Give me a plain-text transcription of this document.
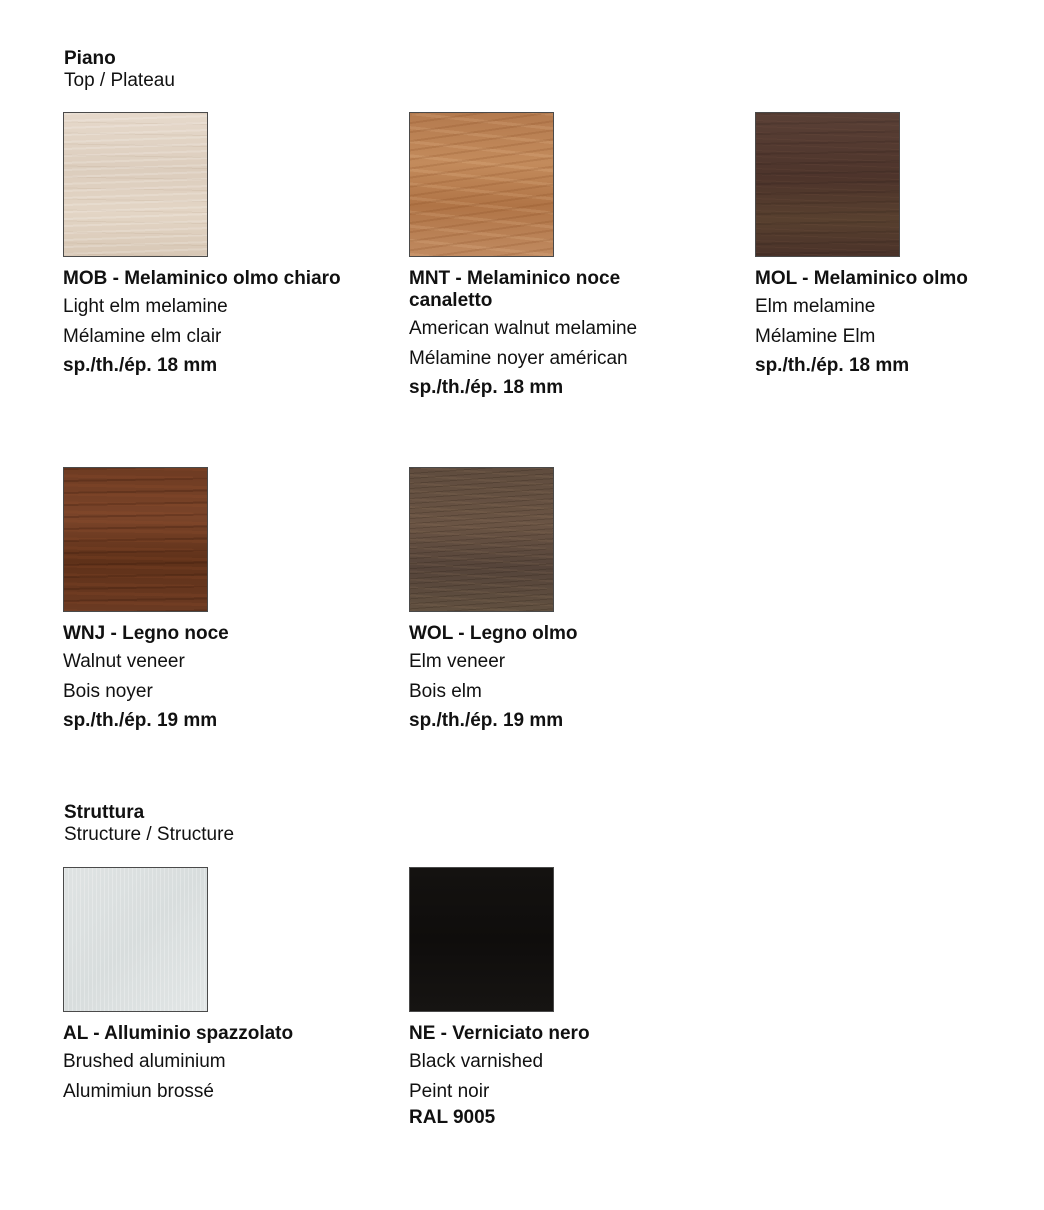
Piano
Top / Plateau
MOB - Melaminico olmo chiaro
Light elm melamine
Mélamine elm clair
sp./th./ép. 18 mm
MNT - Melaminico noce canaletto
American walnut melamine
Mélamine noyer américan
sp./th./ép. 18 mm
MOL - Melaminico olmo
Elm melamine
Mélamine Elm
sp./th./ép. 18 mm
WNJ - Legno noce
Walnut veneer
Bois noyer
sp./th./ép. 19 mm
WOL - Legno olmo
Elm veneer
Bois elm
sp./th./ép. 19 mm
Struttura
Structure / Structure
AL - Alluminio spazzolato
Brushed aluminium
Alumimiun brossé
NE - Verniciato nero
Black varnished
Peint noir
RAL 9005
